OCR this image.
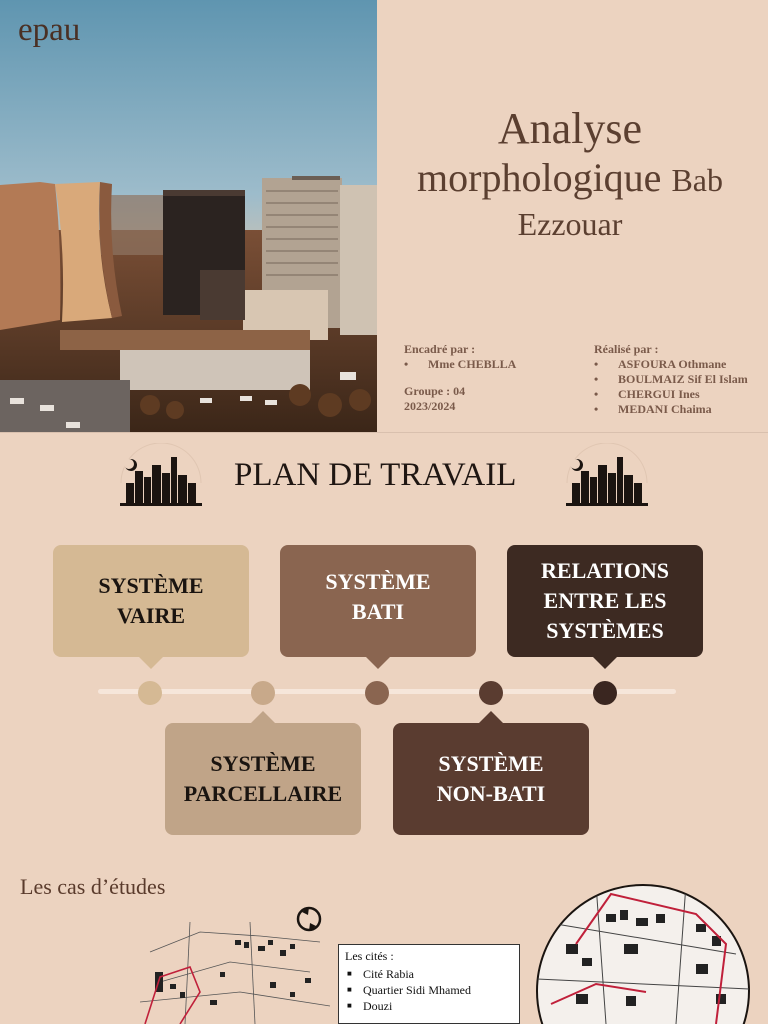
epau
Analyse
morphologique Bab
Ezzouar
Encadré par :
• Mme CHEBLLA
Groupe : 04
2023/2024
Réalisé par :
• ASFOURA Othmane
• BOULMAIZ Sif El Islam
• CHERGUI Ines
• MEDANI Chaima
PLAN DE TRAVAIL
SYSTÈME
VAIRE
SYSTÈME
BATI
RELATIONS
ENTRE LES
SYSTÈMES
SYSTÈME
PARCELLAIRE
SYSTÈME
NON-BATI
Les cas d’études
Les cités :
■ Cité Rabia
■ Quartier Sidi Mhamed
■ Douzi
